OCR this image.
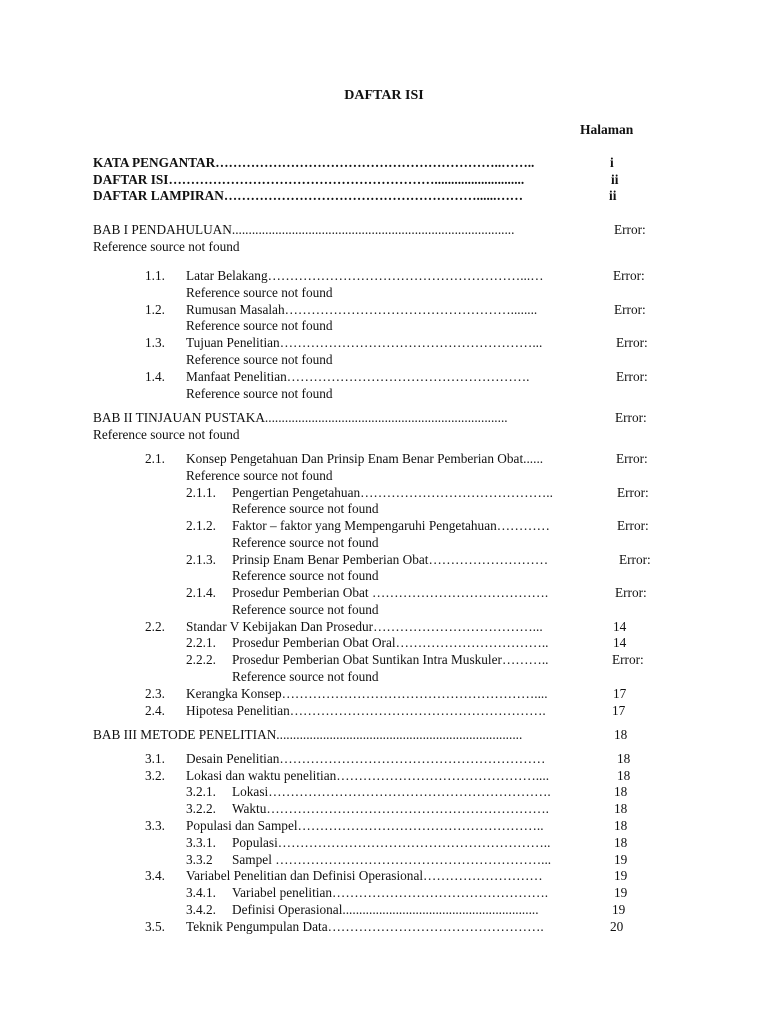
DAFTAR ISI
Halaman
KATA PENGANTAR………………………………………………………..……..	i
DAFTAR ISI……………………………………………………...........................	ii
DAFTAR LAMPIRAN…………………………………………………......……	ii
BAB I PENDAHULUAN.....................................................................................	Error:
Reference source not found
1.1. Latar Belakang…………………………………………………...…	Error:
Reference source not found
1.2. Rumusan Masalah……………………………………………........	Error:
Reference source not found
1.3. Tujuan Penelitian…………………………………………………...	Error:
Reference source not found
1.4. Manfaat Penelitian……………………………………………….	Error:
Reference source not found
BAB II TINJAUAN PUSTAKA.........................................................................	Error:
Reference source not found
2.1. Konsep Pengetahuan Dan Prinsip Enam Benar Pemberian Obat......	Error:
Reference source not found
2.1.1. Pengertian Pengetahuan……………………………………..	Error:
Reference source not found
2.1.2. Faktor – faktor yang Mempengaruhi Pengetahuan…………	Error:
Reference source not found
2.1.3. Prinsip Enam Benar Pemberian Obat………………………	Error:
Reference source not found
2.1.4. Prosedur Pemberian Obat ………………………………….	Error:
Reference source not found
2.2. Standar V Kebijakan Dan Prosedur………………………………...	14
2.2.1. Prosedur Pemberian Obat Oral……………………………..	14
2.2.2. Prosedur Pemberian Obat Suntikan Intra Muskuler………..	Error:
Reference source not found
2.3. Kerangka Konsep…………………………………………………....	17
2.4. Hipotesa Penelitian………………………………………………….	17
BAB III METODE PENELITIAN..........................................................................	18
3.1. Desain Penelitian……………………………………………………	18
3.2. Lokasi dan waktu penelitian………………………………………....	18
3.2.1. Lokasi……………………………………………………….	18
3.2.2. Waktu……………………………………………………….	18
3.3. Populasi dan Sampel………………………………………………..	18
3.3.1. Populasi……………………………………………………..	18
3.3.2 Sampel ……………………………………………………...	19
3.4. Variabel Penelitian dan Definisi Operasional………………………	19
3.4.1. Variabel penelitian………………………………………….	19
3.4.2. Definisi Operasional...........................................................	19
3.5. Teknik Pengumpulan Data………………………………………….	20
